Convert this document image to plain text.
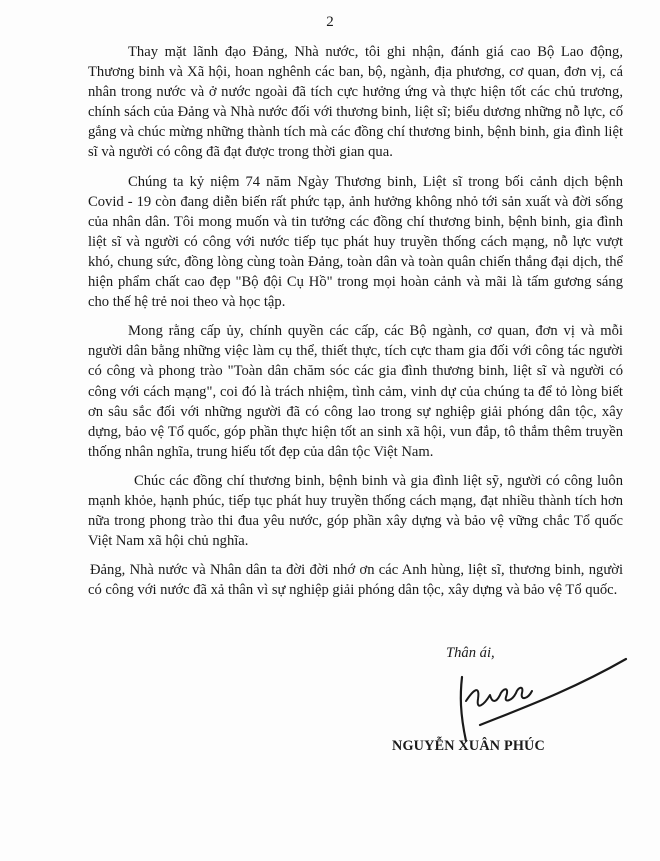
2

Thay mặt lãnh đạo Đảng, Nhà nước, tôi ghi nhận, đánh giá cao Bộ Lao động, Thương binh và Xã hội, hoan nghênh các ban, bộ, ngành, địa phương, cơ quan, đơn vị, cá nhân trong nước và ở nước ngoài đã tích cực hưởng ứng và thực hiện tốt các chủ trương, chính sách của Đảng và Nhà nước đối với thương binh, liệt sĩ; biểu dương những nỗ lực, cố gắng và chúc mừng những thành tích mà các đồng chí thương binh, bệnh binh, gia đình liệt sĩ và người có công đã đạt được trong thời gian qua.

Chúng ta kỷ niệm 74 năm Ngày Thương binh, Liệt sĩ trong bối cảnh dịch bệnh Covid - 19 còn đang diễn biến rất phức tạp, ảnh hưởng không nhỏ tới sản xuất và đời sống của nhân dân. Tôi mong muốn và tin tưởng các đồng chí thương binh, bệnh binh, gia đình liệt sĩ và người có công với nước tiếp tục phát huy truyền thống cách mạng, nỗ lực vượt khó, chung sức, đồng lòng cùng toàn Đảng, toàn dân và toàn quân chiến thắng đại dịch, thể hiện phẩm chất cao đẹp "Bộ đội Cụ Hồ" trong mọi hoàn cảnh và mãi là tấm gương sáng cho thế hệ trẻ noi theo và học tập.

Mong rằng cấp ủy, chính quyền các cấp, các Bộ ngành, cơ quan, đơn vị và mỗi người dân bằng những việc làm cụ thể, thiết thực, tích cực tham gia đối với công tác người có công và phong trào "Toàn dân chăm sóc các gia đình thương binh, liệt sĩ và người có công với cách mạng", coi đó là trách nhiệm, tình cảm, vinh dự của chúng ta để tỏ lòng biết ơn sâu sắc đối với những người đã có công lao trong sự nghiệp giải phóng dân tộc, xây dựng, bảo vệ Tổ quốc, góp phần thực hiện tốt an sinh xã hội, vun đắp, tô thắm thêm truyền thống nhân nghĩa, trung hiếu tốt đẹp của dân tộc Việt Nam.

Chúc các đồng chí thương binh, bệnh binh và gia đình liệt sỹ, người có công luôn mạnh khỏe, hạnh phúc, tiếp tục phát huy truyền thống cách mạng, đạt nhiều thành tích hơn nữa trong phong trào thi đua yêu nước, góp phần xây dựng và bảo vệ vững chắc Tổ quốc Việt Nam xã hội chủ nghĩa.

Đảng, Nhà nước và Nhân dân ta đời đời nhớ ơn các Anh hùng, liệt sĩ, thương binh, người có công với nước đã xả thân vì sự nghiệp giải phóng dân tộc, xây dựng và bảo vệ Tổ quốc.

Thân ái,
NGUYỄN XUÂN PHÚC
